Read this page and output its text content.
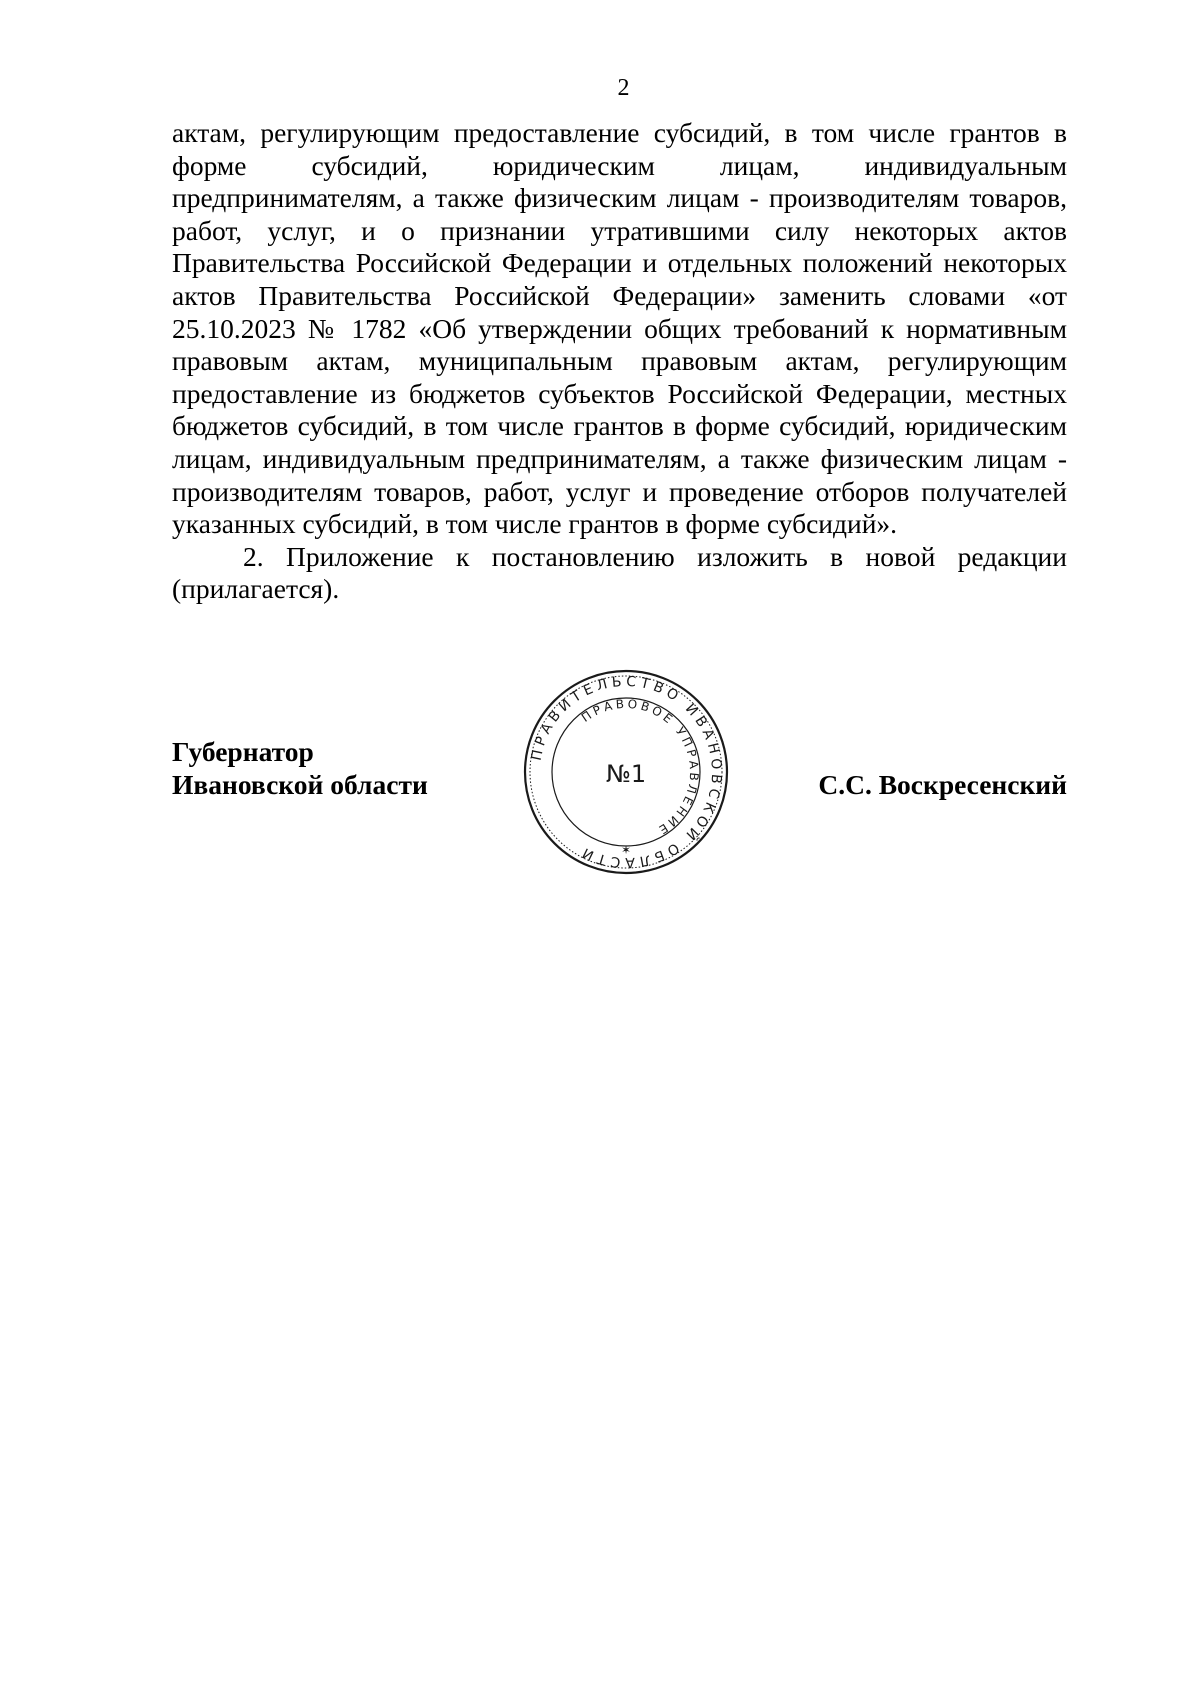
2

актам, регулирующим предоставление субсидий, в том числе грантов в форме субсидий, юридическим лицам, индивидуальным предпринимателям, а также физическим лицам - производителям товаров, работ, услуг, и о признании утратившими силу некоторых актов Правительства Российской Федерации и отдельных положений некоторых актов Правительства Российской Федерации» заменить словами «от 25.10.2023 № 1782 «Об утверждении общих требований к нормативным правовым актам, муниципальным правовым актам, регулирующим предоставление из бюджетов субъектов Российской Федерации, местных бюджетов субсидий, в том числе грантов в форме субсидий, юридическим лицам, индивидуальным предпринимателям, а также физическим лицам - производителям товаров, работ, услуг и проведение отборов получателей указанных субсидий, в том числе грантов в форме субсидий».

2. Приложение к постановлению изложить в новой редакции (прилагается).

ПРАВИТЕЛЬСТВО ИВАНОВСКОЙ ОБЛАСТИ
ПРАВОВОЕ УПРАВЛЕНИЕ
№1
✶
Губернатор
Ивановской области	С.С. Воскресенский
